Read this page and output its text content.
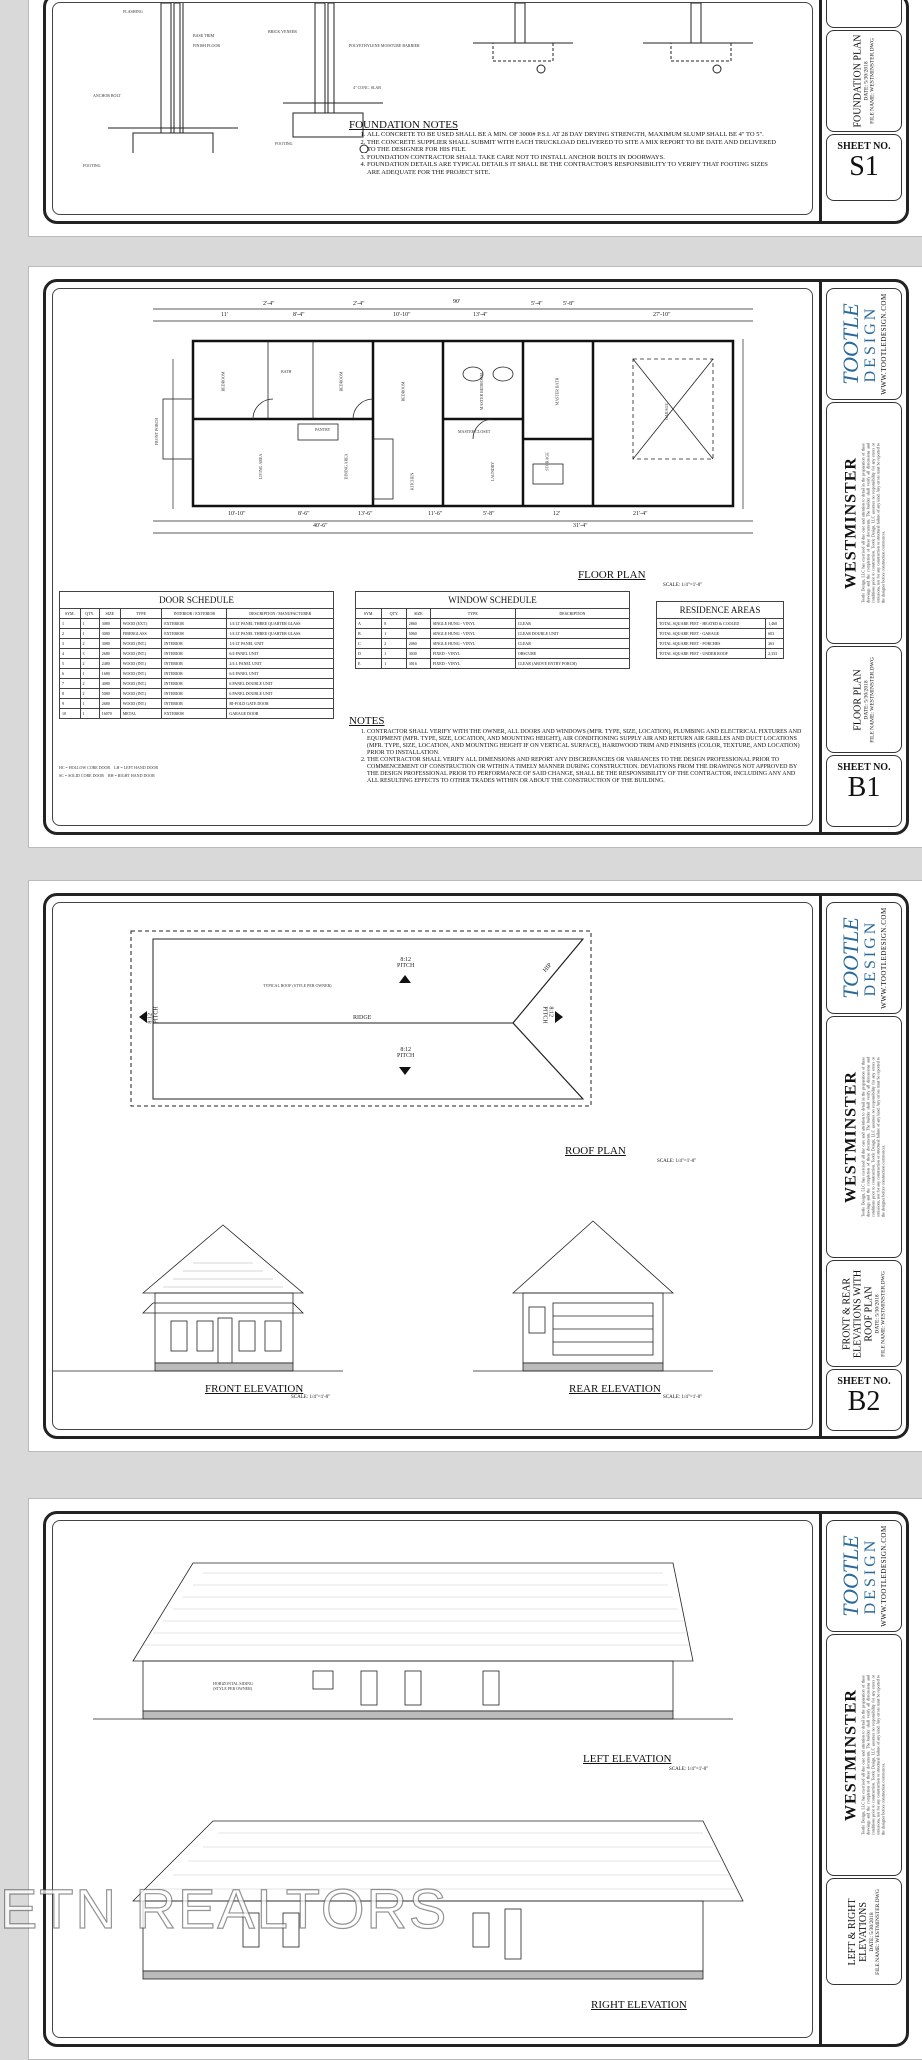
FLASHING
BASE TRIM
FINISH FLOOR
ANCHOR BOLT
FOOTING
BRICK VENEER
POLYETHYLENE MOISTURE BARRIER
4" CONC. SLAB
FOOTING
FOUNDATION NOTES
1. ALL CONCRETE TO BE USED SHALL BE A MIN. OF 3000# P.S.I. AT 28 DAY DRYING STRENGTH, MAXIMUM SLUMP SHALL BE 4" TO 5".
2. THE CONCRETE SUPPLIER SHALL SUBMIT WITH EACH TRUCKLOAD DELIVERED TO SITE A MIX REPORT TO BE DATE AND DELIVERED TO THE DESIGNER FOR HIS FILE.
3. FOUNDATION CONTRACTOR SHALL TAKE CARE NOT TO INSTALL ANCHOR BOLTS IN DOORWAYS.
4. FOUNDATION DETAILS ARE TYPICAL DETAILS IT SHALL BE THE CONTRACTOR'S RESPONSIBILITY TO VERIFY THAT FOOTING SIZES ARE ADEQUATE FOR THE PROJECT SITE.
FOUNDATION PLAN DATE: 5/30/2018 FILE NAME: WESTMINSTER.DWG
SHEET NO.
S1
90'
11'
2'-4"
8'-4"
2'-4"
10'-10"	13'-4"
5'-4"	5'-8"
27'-10"
10'-10"	8'-6"	13'-6"	11'-6"	5'-8"	12'	21'-4"
40'-6"	31'-4"
BEDROOM	BATH	BEDROOM	BEDROOM
LIVING AREA	DINING AREA
KITCHEN
PANTRY
LAUNDRY
MASTER BEDROOM
MASTER CLOSET
MASTER BATH
STORAGE
GARAGE
FRONT PORCH
FLOOR PLAN
SCALE: 1/4"=1'-0"
DOOR SCHEDULE
SYM.	QTY.	SIZE	TYPE	INTERIOR / EXTERIOR	DESCRIPTION / MANUFACTURER
1	1	3080	WOOD (EXT.)	EXTERIOR	1/4 LT PANEL THREE QUARTER GLASS
2	1	3080	FIBERGLASS	EXTERIOR	1/4 LT PANEL THREE QUARTER GLASS
3	2	3080	WOOD (INT.)	INTERIOR	1/4 LT PANEL UNIT
4	3	2680	WOOD (INT.)	INTERIOR	6/4 PANEL UNIT
5	2	2480	WOOD (INT.)	INTERIOR	2/4 L PANEL UNIT
6	1	1680	WOOD (INT.)	INTERIOR	6/4 PANEL UNIT
7	2	4080	WOOD (INT.)	INTERIOR	6 PANEL DOUBLE UNIT
8	2	5080	WOOD (INT.)	INTERIOR	6 PANEL DOUBLE UNIT
9	1	2680	WOOD (INT.)	INTERIOR	BI-FOLD GATE DOOR
10	1	16070	METAL	EXTERIOR	GARAGE DOOR
HC = HOLLOW CORE DOOR LH = LEFT HAND DOOR
SC = SOLID CORE DOOR RH = RIGHT HAND DOOR
WINDOW SCHEDULE
SYM.	QTY.	SIZE	TYPE	DESCRIPTION
A	8	2860	SINGLE HUNG - VINYL	CLEAR
B	1	5060	SINGLE HUNG - VINYL	CLEAR DOUBLE UNIT
C	2	2060	SINGLE HUNG - VINYL	CLEAR
D	1	3030	FIXED - VINYL	OBSCURE
E	1	3016	FIXED - VINYL	CLEAR (ABOVE ENTRY PORCH)
RESIDENCE AREAS
TOTAL SQUARE FEET - HEATED & COOLED	1,468
TOTAL SQUARE FEET - GARAGE	603
TOTAL SQUARE FEET - PORCHES	263
TOTAL SQUARE FEET - UNDER ROOF	2,333
NOTES
1. CONTRACTOR SHALL VERIFY WITH THE OWNER, ALL DOORS AND WINDOWS (MFR. TYPE, SIZE, LOCATION), PLUMBING AND ELECTRICAL FIXTURES AND EQUIPMENT (MFR. TYPE, SIZE, LOCATION, AND MOUNTING HEIGHT), AIR CONDITIONING SUPPLY AIR AND RETURN AIR GRILLES AND DUCT LOCATIONS (MFR. TYPE, SIZE, LOCATION, AND MOUNTING HEIGHT IF ON VERTICAL SURFACE), HARDWOOD TRIM AND FINISHES (COLOR, TEXTURE, AND LOCATION) PRIOR TO INSTALLATION.
2. THE CONTRACTOR SHALL VERIFY ALL DIMENSIONS AND REPORT ANY DISCREPANCIES OR VARIANCES TO THE DESIGN PROFESSIONAL PRIOR TO COMMENCEMENT OF CONSTRUCTION OR WITHIN A TIMELY MANNER DURING CONSTRUCTION. DEVIATIONS FROM THE DRAWINGS NOT APPROVED BY THE DESIGN PROFESSIONAL PRIOR TO PERFORMANCE OF SAID CHANGE, SHALL BE THE RESPONSIBILITY OF THE CONTRACTOR, INCLUDING ANY AND ALL RESULTING EFFECTS TO OTHER TRADES WITHIN OR ABOUT THE CONSTRUCTION OF THE BUILDING.
TOOTLE DESIGN WWW.TOOTLEDESIGN.COM
WESTMINSTER Tootle Design, LLC has exercised all due care and attention to detail in the preparation of these drawings and the completion of these documents. The builder shall verify all dimensions and conditions prior to construction. Tootle Design, LLC assumes no responsibility for any errors or omissions, nor for any construction or structural failure of any kind. Any errors must be reported to the designer before construction commences.
FLOOR PLAN DATE: 5/30/2018 FILE NAME: WESTMINSTER.DWG
SHEET NO.
B1
TYPICAL ROOF (STYLE PER OWNER)
RIDGE
8:12
PITCH
8:12
PITCH
8:12
PITCH	8:12
PITCH
HIP
ROOF PLAN
SCALE: 1/4"=1'-0"
FRONT ELEVATION
SCALE: 1/4"=1'-0"
REAR ELEVATION
SCALE: 1/4"=1'-0"
TOOTLE DESIGN WWW.TOOTLEDESIGN.COM
WESTMINSTER Tootle Design, LLC has exercised all due care and attention to detail in the preparation of these drawings and the completion of these documents. The builder shall verify all dimensions and conditions prior to construction. Tootle Design, LLC assumes no responsibility for any errors or omissions, nor for any construction or structural failure of any kind. Any errors must be reported to the designer before construction commences.
FRONT & REAR ELEVATIONS WITH ROOF PLAN DATE: 5/30/2018 FILE NAME: WESTMINSTER.DWG
SHEET NO.
B2
HORIZONTAL SIDING
(STYLE PER OWNER)
LEFT ELEVATION
SCALE: 1/4"=1'-0"
RIGHT ELEVATION
TOOTLE DESIGN WWW.TOOTLEDESIGN.COM
WESTMINSTER Tootle Design, LLC has exercised all due care and attention to detail in the preparation of these drawings and the completion of these documents. The builder shall verify all dimensions and conditions prior to construction. Tootle Design, LLC assumes no responsibility for any errors or omissions, nor for any construction or structural failure of any kind. Any errors must be reported to the designer before construction commences.
LEFT & RIGHT ELEVATIONS DATE: 5/30/2018 FILE NAME: WESTMINSTER.DWG
ETN REALTORS
